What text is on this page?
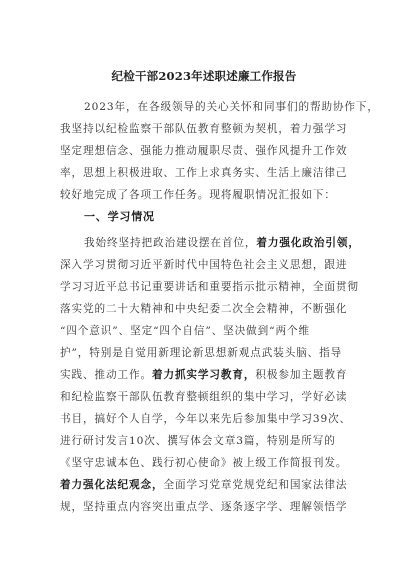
纪检干部2023年述职述廉工作报告
2023年，在各级领导的关心关怀和同事们的帮助协作下，
我坚持以纪检监察干部队伍教育整顿为契机，着力强学习
坚定理想信念、强能力推动履职尽责、强作风提升工作效
率，思想上积极进取、工作上求真务实、生活上廉洁律己
较好地完成了各项工作任务。现将履职情况汇报如下：
一、学习情况
我始终坚持把政治建设摆在首位，着力强化政治引领，
深入学习贯彻习近平新时代中国特色社会主义思想，跟进
学习习近平总书记重要讲话和重要指示批示精神，全面贯彻
落实党的二十大精神和中央纪委二次全会精神，不断强化
“四个意识”、坚定“四个自信”、坚决做到“两个维
护”，特别是自觉用新理论新思想新观点武装头脑、指导
实践、推动工作。着力抓实学习教育，积极参加主题教育
和纪检监察干部队伍教育整顿组织的集中学习，学好必读
书目，搞好个人自学，今年以来先后参加集中学习39次、
进行研讨发言10次、撰写体会文章3篇，特别是所写的
《坚守忠诚本色、践行初心使命》被上级工作简报刊发。
着力强化法纪观念，全面学习党章党规党纪和国家法律法
规，坚持重点内容突出重点学、逐条逐字学、理解领悟学
